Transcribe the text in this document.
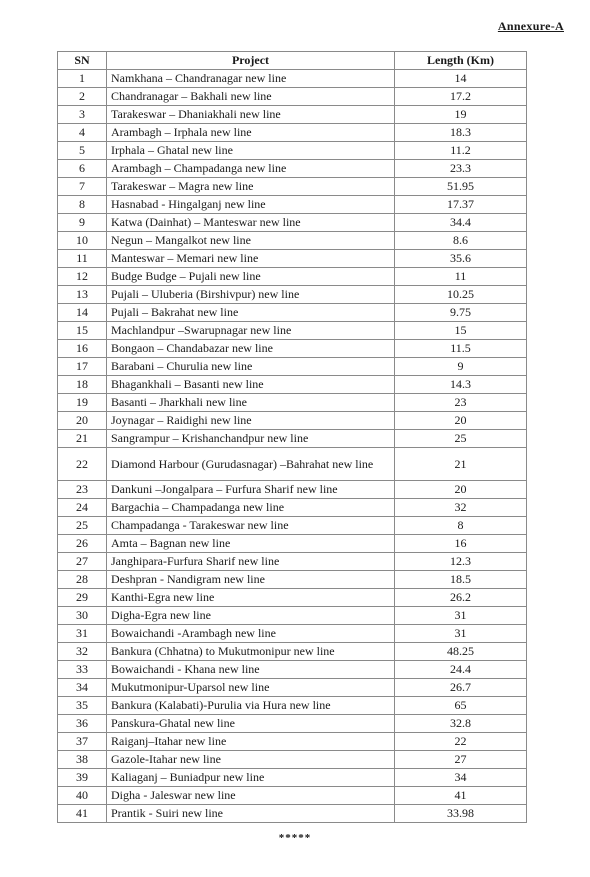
Annexure-A
SN	Project	Length (Km)
1	Namkhana – Chandranagar new line	14
2	Chandranagar – Bakhali new line	17.2
3	Tarakeswar – Dhaniakhali new line	19
4	Arambagh – Irphala new line	18.3
5	Irphala – Ghatal new line	11.2
6	Arambagh – Champadanga new line	23.3
7	Tarakeswar – Magra new line	51.95
8	Hasnabad - Hingalganj new line	17.37
9	Katwa (Dainhat) – Manteswar new line	34.4
10	Negun – Mangalkot new line	8.6
11	Manteswar – Memari new line	35.6
12	Budge Budge – Pujali new line	11
13	Pujali – Uluberia (Birshivpur) new line	10.25
14	Pujali – Bakrahat new line	9.75
15	Machlandpur –Swarupnagar new line	15
16	Bongaon – Chandabazar new line	11.5
17	Barabani – Churulia new line	9
18	Bhagankhali – Basanti new line	14.3
19	Basanti – Jharkhali new line	23
20	Joynagar – Raidighi new line	20
21	Sangrampur – Krishanchandpur new line	25
22	Diamond Harbour (Gurudasnagar) –Bahrahat new line	21
23	Dankuni –Jongalpara – Furfura Sharif new line	20
24	Bargachia – Champadanga new line	32
25	Champadanga - Tarakeswar new line	8
26	Amta – Bagnan new line	16
27	Janghipara-Furfura Sharif new line	12.3
28	Deshpran - Nandigram new line	18.5
29	Kanthi-Egra new line	26.2
30	Digha-Egra new line	31
31	Bowaichandi -Arambagh new line	31
32	Bankura (Chhatna) to Mukutmonipur new line	48.25
33	Bowaichandi - Khana new line	24.4
34	Mukutmonipur-Uparsol new line	26.7
35	Bankura (Kalabati)-Purulia via Hura new line	65
36	Panskura-Ghatal new line	32.8
37	Raiganj–Itahar new line	22
38	Gazole-Itahar new line	27
39	Kaliaganj – Buniadpur new line	34
40	Digha - Jaleswar new line	41
41	Prantik - Suiri new line	33.98
*****
